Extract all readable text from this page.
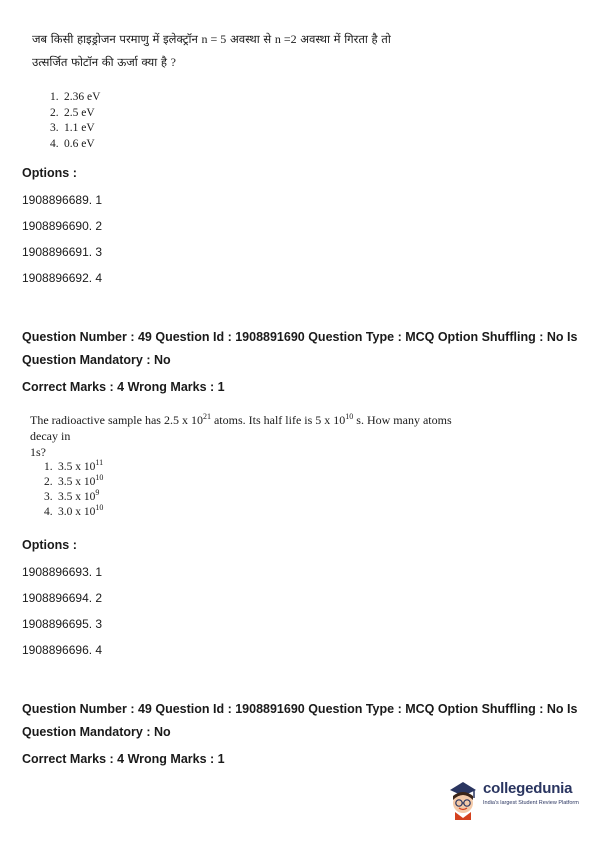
जब किसी हाइड्रोजन परमाणु में इलेक्ट्रॉन n = 5 अवस्था से n =2 अवस्था में गिरता है तो
उत्सर्जित फोटॉन की ऊर्जा क्या है ?
1. 2.36 eV
2. 2.5 eV
3. 1.1 eV
4. 0.6 eV
Options :
1908896689. 1
1908896690. 2
1908896691. 3
1908896692. 4
Question Number : 49 Question Id : 1908891690 Question Type : MCQ Option Shuffling : No Is
Question Mandatory : No
Correct Marks : 4 Wrong Marks : 1
The radioactive sample has 2.5 x $10^{21}$ atoms. Its half life is 5 x $10^{10}$ s. How many atoms decay in
1s?
1. 3.5 x $10^{11}$
2. 3.5 x $10^{10}$
3. 3.5 x $10^9$
4. 3.0 x $10^{10}$
Options :
1908896693. 1
1908896694. 2
1908896695. 3
1908896696. 4
Question Number : 49 Question Id : 1908891690 Question Type : MCQ Option Shuffling : No Is
Question Mandatory : No
Correct Marks : 4 Wrong Marks : 1
collegedunia
India's largest Student Review Platform
